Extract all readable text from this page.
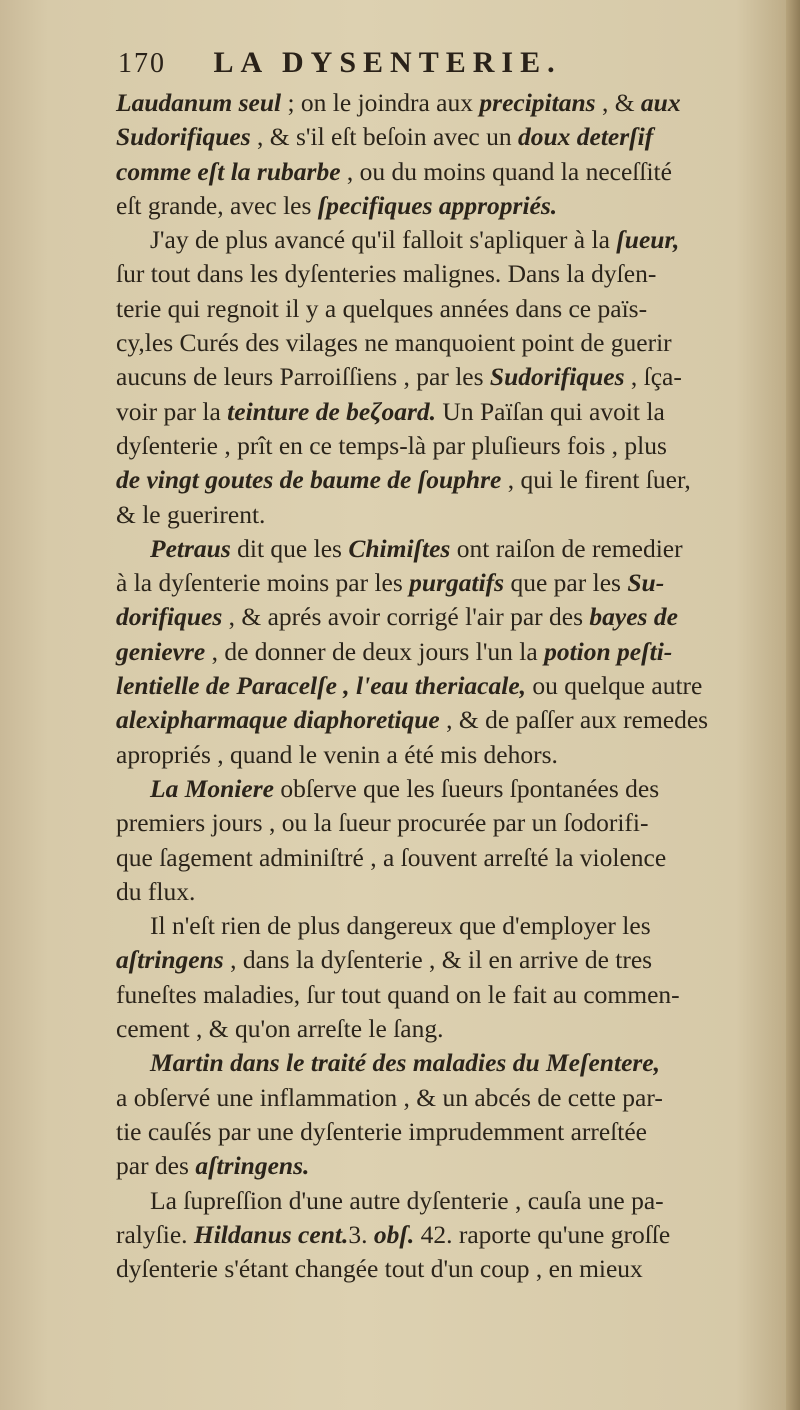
170 LA DYSENTERIE.
Laudanum seul ; on le joindra aux precipitans , & aux
Sudorifiques , & s'il eſt beſoin avec un doux deterſif
comme eſt la rubarbe , ou du moins quand la neceſſité
eſt grande, avec les ſpecifiques appropriés.
J'ay de plus avancé qu'il falloit s'apliquer à la ſueur,
ſur tout dans les dyſenteries malignes. Dans la dyſen-
terie qui regnoit il y a quelques années dans ce païs-
cy,les Curés des vilages ne manquoient point de guerir
aucuns de leurs Parroiſſiens , par les Sudorifiques , ſça-
voir par la teinture de beζoard. Un Païſan qui avoit la
dyſenterie , prît en ce temps-là par pluſieurs fois , plus
de vingt goutes de baume de ſouphre , qui le firent ſuer,
& le guerirent.
Petraus dit que les Chimiſtes ont raiſon de remedier
à la dyſenterie moins par les purgatifs que par les Su-
dorifiques , & aprés avoir corrigé l'air par des bayes de
genievre , de donner de deux jours l'un la potion peſti-
lentielle de Paracelſe , l'eau theriacale, ou quelque autre
alexipharmaque diaphoretique , & de paſſer aux remedes
apropriés , quand le venin a été mis dehors.
La Moniere obſerve que les ſueurs ſpontanées des
premiers jours , ou la ſueur procurée par un ſodorifi-
que ſagement adminiſtré , a ſouvent arreſté la violence
du flux.
Il n'eſt rien de plus dangereux que d'employer les
aſtringens , dans la dyſenterie , & il en arrive de tres
funeſtes maladies, ſur tout quand on le fait au commen-
cement , & qu'on arreſte le ſang.
Martin dans le traité des maladies du Meſentere,
a obſervé une inflammation , & un abcés de cette par-
tie cauſés par une dyſenterie imprudemment arreſtée
par des aſtringens.
La ſupreſſion d'une autre dyſenterie , cauſa une pa-
ralyſie. Hildanus cent.3. obſ. 42. raporte qu'une groſſe
dyſenterie s'étant changée tout d'un coup , en mieux
